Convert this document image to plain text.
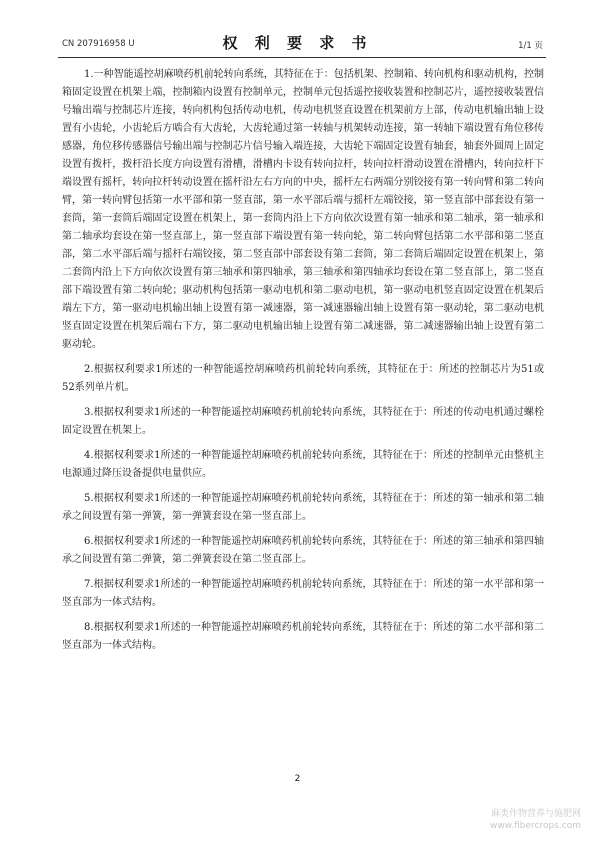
CN 207916958 U	权 利 要 求 书	1/1 页

1.一种智能遥控胡麻喷药机前轮转向系统，其特征在于：包括机架、控制箱、转向机构和驱动机构，控制箱固定设置在机架上端，控制箱内设置有控制单元，控制单元包括遥控接收装置和控制芯片，遥控接收装置信号输出端与控制芯片连接，转向机构包括传动电机，传动电机竖直设置在机架前方上部，传动电机输出轴上设置有小齿轮，小齿轮后方啮合有大齿轮，大齿轮通过第一转轴与机架转动连接，第一转轴下端设置有角位移传感器，角位移传感器信号输出端与控制芯片信号输入端连接，大齿轮下端固定设置有轴套，轴套外圆周上固定设置有拨杆，拨杆沿长度方向设置有滑槽，滑槽内卡设有转向拉杆，转向拉杆滑动设置在滑槽内，转向拉杆下端设置有摇杆，转向拉杆转动设置在摇杆沿左右方向的中央，摇杆左右两端分别铰接有第一转向臂和第二转向臂，第一转向臂包括第一水平部和第一竖直部，第一水平部后端与摇杆左端铰接，第一竖直部中部套设有第一套筒，第一套筒后端固定设置在机架上，第一套筒内沿上下方向依次设置有第一轴承和第二轴承，第一轴承和第二轴承均套设在第一竖直部上，第一竖直部下端设置有第一转向轮，第二转向臂包括第二水平部和第二竖直部，第二水平部后端与摇杆右端铰接，第二竖直部中部套设有第二套筒，第二套筒后端固定设置在机架上，第二套筒内沿上下方向依次设置有第三轴承和第四轴承，第三轴承和第四轴承均套设在第二竖直部上，第二竖直部下端设置有第二转向轮；驱动机构包括第一驱动电机和第二驱动电机，第一驱动电机竖直固定设置在机架后端左下方，第一驱动电机输出轴上设置有第一减速器，第一减速器输出轴上设置有第一驱动轮，第二驱动电机竖直固定设置在机架后端右下方，第二驱动电机输出轴上设置有第二减速器，第二减速器输出轴上设置有第二驱动轮。

2.根据权利要求1所述的一种智能遥控胡麻喷药机前轮转向系统，其特征在于：所述的控制芯片为51或52系列单片机。

3.根据权利要求1所述的一种智能遥控胡麻喷药机前轮转向系统，其特征在于：所述的传动电机通过螺栓固定设置在机架上。

4.根据权利要求1所述的一种智能遥控胡麻喷药机前轮转向系统，其特征在于：所述的控制单元由整机主电源通过降压设备提供电量供应。

5.根据权利要求1所述的一种智能遥控胡麻喷药机前轮转向系统，其特征在于：所述的第一轴承和第二轴承之间设置有第一弹簧，第一弹簧套设在第一竖直部上。

6.根据权利要求1所述的一种智能遥控胡麻喷药机前轮转向系统，其特征在于：所述的第三轴承和第四轴承之间设置有第二弹簧，第二弹簧套设在第二竖直部上。

7.根据权利要求1所述的一种智能遥控胡麻喷药机前轮转向系统，其特征在于：所述的第一水平部和第一竖直部为一体式结构。

8.根据权利要求1所述的一种智能遥控胡麻喷药机前轮转向系统，其特征在于：所述的第二水平部和第二竖直部为一体式结构。

2
麻类作物营养与施肥网
www.fibercrops.com
